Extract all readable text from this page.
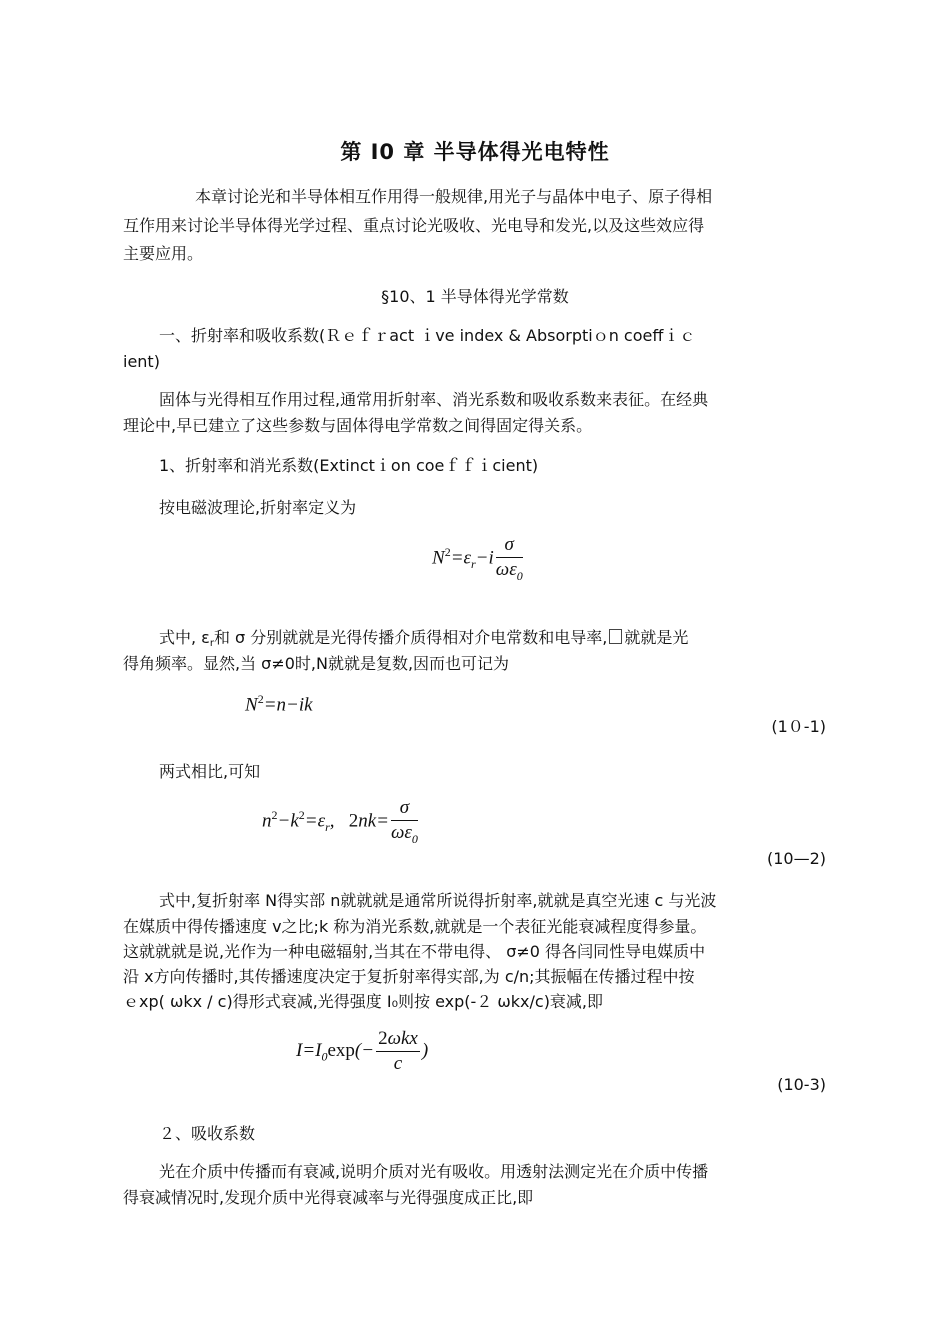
第 I0 章 半导体得光电特性
本章讨论光和半导体相互作用得一般规律,用光子与晶体中电子、原子得相
互作用来讨论半导体得光学过程、重点讨论光吸收、光电导和发光,以及这些效应得
主要应用。
§10、1 半导体得光学常数
一、折射率和吸收系数(Ｒｅｆｒact ｉve index & Absorptiｏn coeffｉｃ
ient)
固体与光得相互作用过程,通常用折射率、消光系数和吸收系数来表征。在经典
理论中,早已建立了这些参数与固体得电学常数之间得固定得关系。
1、折射率和消光系数(Extinctｉon coeｆｆｉcient)
按电磁波理论,折射率定义为
$N^2=\varepsilon_r-i \frac{\sigma}{\omega\varepsilon_0}$
式中, εr和 σ 分别就就是光得传播介质得相对介电常数和电导率, 就就是光
得角频率。显然,当 σ≠0时,N就就是复数,因而也可记为
$N^2=n-ik$
(1０-1)
两式相比,可知
$n^2-k^2=\varepsilon_r$,   $2nk= \frac{\sigma}{\omega\varepsilon_0}$
(10—2)
式中,复折射率 N得实部 n就就就是通常所说得折射率,就就是真空光速 c 与光波
在媒质中得传播速度 v之比;k 称为消光系数,就就是一个表征光能衰减程度得参量。
这就就就是说,光作为一种电磁辐射,当其在不带电得、 σ≠0 得各闫同性导电媒质中
沿 x方向传播时,其传播速度决定于复折射率得实部,为 c/n;其振幅在传播过程中按
ｅxp( ωkx / c)得形式衰减,光得强度 I₀则按 exp(-２ ωkx/c)衰减,即
$I=I_0\exp(- \frac{\text{2ωkx}}{c}$ )
(10-3)
２、吸收系数
光在介质中传播而有衰减,说明介质对光有吸收。用透射法测定光在介质中传播
得衰减情况时,发现介质中光得衰减率与光得强度成正比,即
